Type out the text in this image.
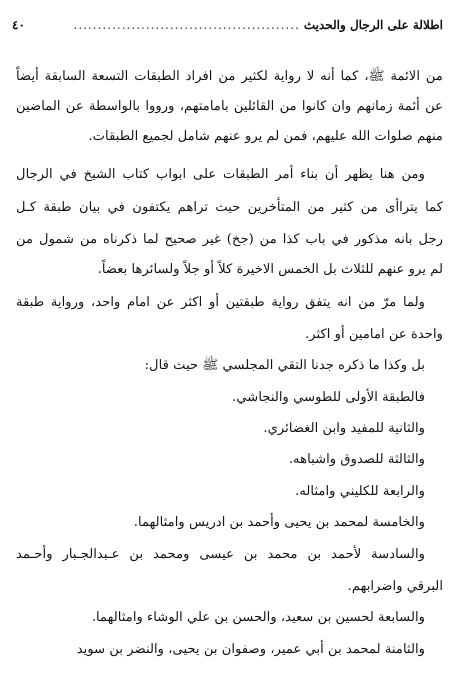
اطلالة على الرجال والحديث
...............................................
٤٠
من الائمة ﷺ، كما أنه لا رواية لكثير من افراد الطبقات التسعة السابقة أيضاً
عن أئمة زمانهم وان كانوا من القائلين بامامتهم، ورووا بالواسطة عن الماضين
منهم صلوات الله عليهم، فمن لم يرو عنهم شامل لجميع الطبقات.
ومن هنا يظهر أن بناء أمر الطبقات على ابواب كتاب الشيخ في الرجال
كما يتراأى من كثير من المتأخرين حيث تراهم يكتفون في بيان طبقة كـل
رجل بانه مذكور في باب كذا من (جخ) غير صحيح لما ذكرناه من شمول من
لم يرو عنهم للثلاث بل الخمس الاخيرة كلاً أو جلاً ولسائرها بعضاً.
ولما مرّ من انه يتفق رواية طبقتين أو اكثر عن امام واحد، ورواية طبقة
واحدة عن امامين أو اكثر.
بل وكذا ما ذكره جدنا التقي المجلسي ﷺ حيث قال:
فالطبقة الأولى للطوسي والنجاشي.
والثانية للمفيد وابن الغضائري.
والثالثة للصدوق واشباهه.
والرابعة للكليني وامثاله.
والخامسة لمحمد بن يحيى وأحمد بن ادريس وامثالهما.
والسادسة لأحمد بن محمد بن عيسى ومحمد بن عـبدالجـبار وأحـمد
البرقي واضرابهم.
والسابعة لحسين بن سعيد، والحسن بن علي الوشاء وامثالهما.
والثامنة لمحمد بن أبي عمير، وصفوان بن يحيى، والنضر بن سويد
